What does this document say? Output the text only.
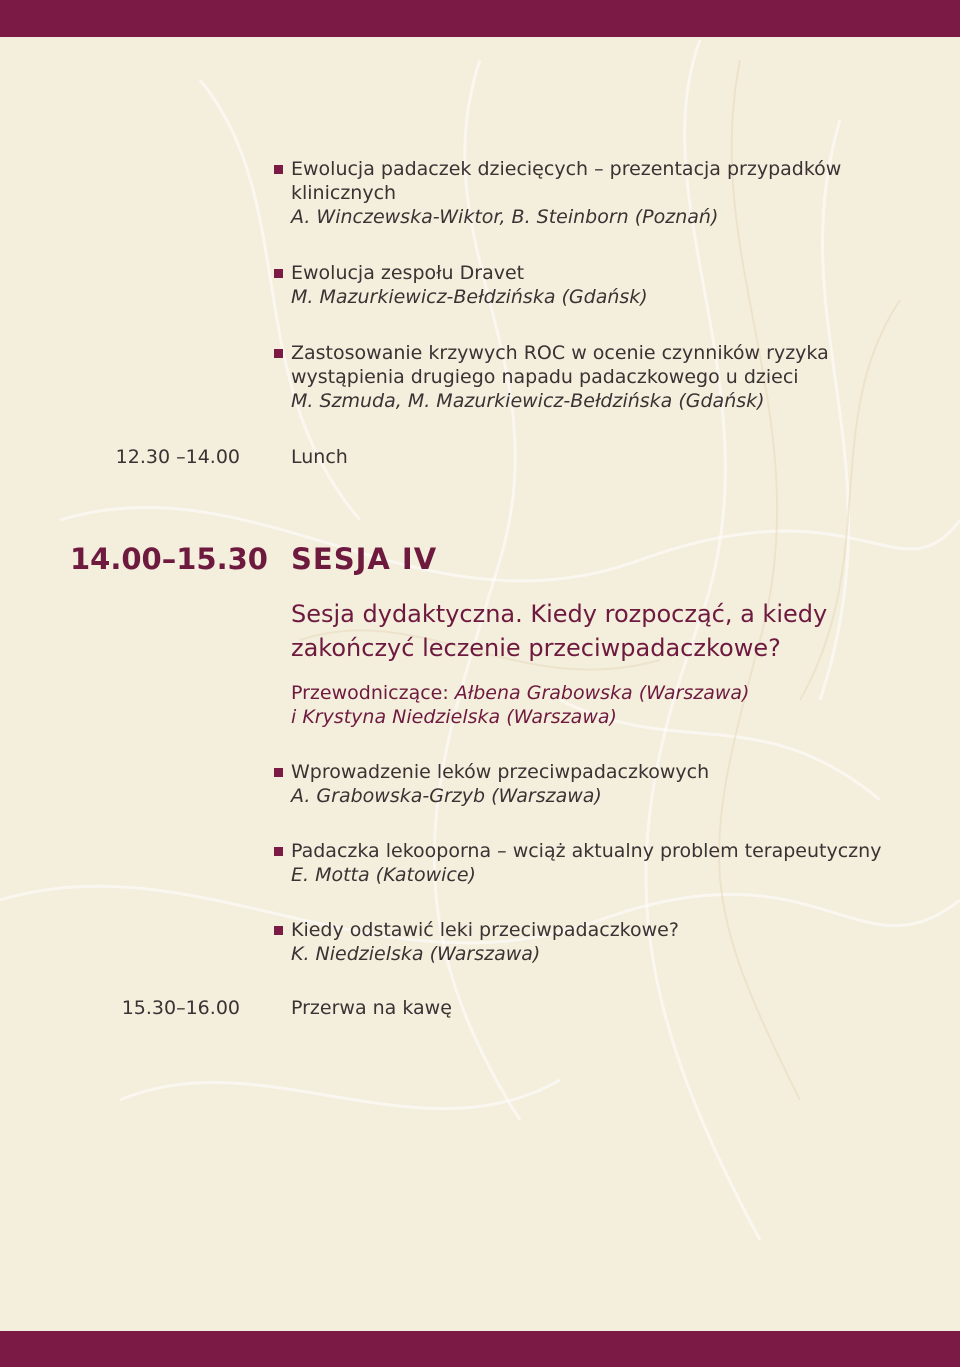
Ewolucja padaczek dziecięcych – prezentacja przypadków klinicznych
A. Winczewska-Wiktor, B. Steinborn (Poznań)
Ewolucja zespołu Dravet
M. Mazurkiewicz-Bełdzińska (Gdańsk)
Zastosowanie krzywych ROC w ocenie czynników ryzyka wystąpienia drugiego napadu padaczkowego u dzieci
M. Szmuda, M. Mazurkiewicz-Bełdzińska (Gdańsk)
12.30 –14.00	Lunch
14.00–15.30 SESJA IV
Sesja dydaktyczna. Kiedy rozpocząć, a kiedy zakończyć leczenie przeciwpadaczkowe?
Przewodniczące: Ałbena Grabowska (Warszawa)
i Krystyna Niedzielska (Warszawa)
Wprowadzenie leków przeciwpadaczkowych
A. Grabowska-Grzyb (Warszawa)
Padaczka lekooporna – wciąż aktualny problem terapeutyczny
E. Motta (Katowice)
Kiedy odstawić leki przeciwpadaczkowe?
K. Niedzielska (Warszawa)
15.30–16.00	Przerwa na kawę
